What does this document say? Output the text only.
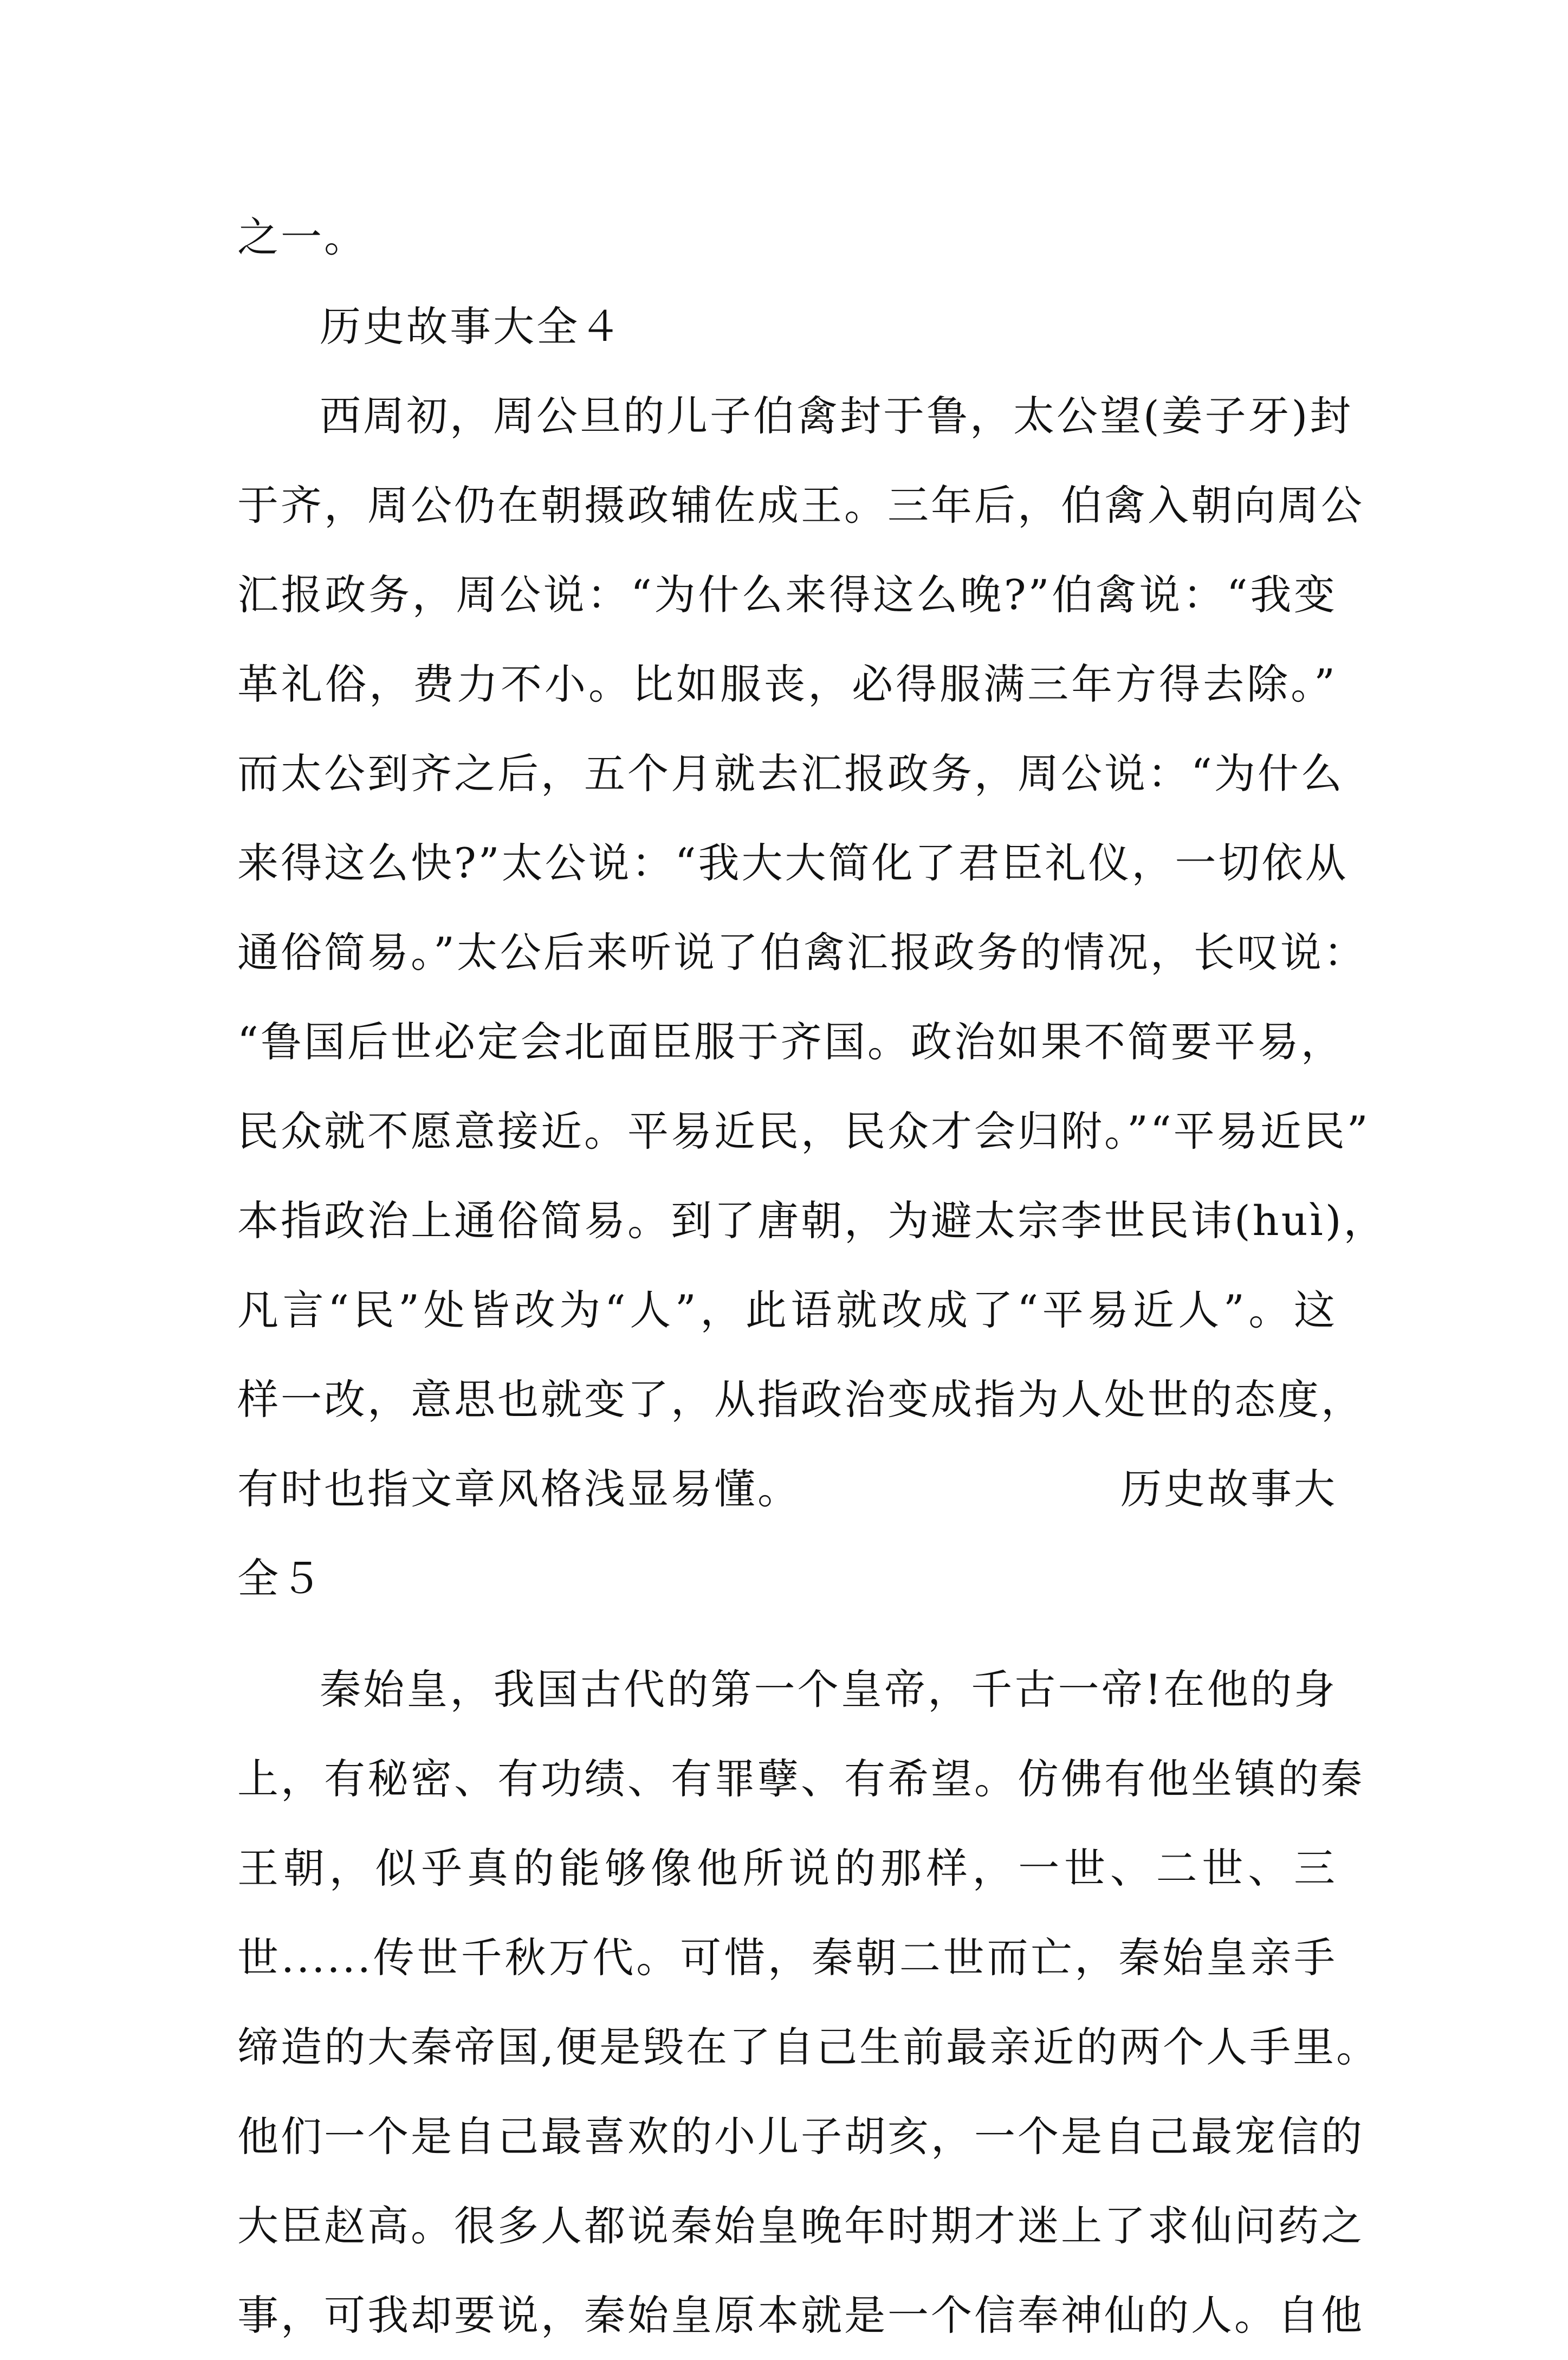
之一。
历史故事大全４
西周初，周公旦的儿子伯禽封于鲁，太公望(姜子牙)封
于齐，周公仍在朝摄政辅佐成王。三年后，伯禽入朝向周公
汇报政务，周公说：“为什么来得这么晚?”伯禽说：“我变
革礼俗，费力不小。比如服丧，必得服满三年方得去除。”
而太公到齐之后，五个月就去汇报政务，周公说：“为什么
来得这么快?”太公说：“我大大简化了君臣礼仪，一切依从
通俗简易。”太公后来听说了伯禽汇报政务的情况，长叹说：
“鲁国后世必定会北面臣服于齐国。政治如果不简要平易，
民众就不愿意接近。平易近民，民众才会归附。”“平易近民”
本指政治上通俗简易。到了唐朝，为避太宗李世民讳(huì)，
凡言“民”处皆改为“人”，此语就改成了“平易近人”。这
样一改，意思也就变了，从指政治变成指为人处世的态度，
有时也指文章风格浅显易懂。	历史故事大
全５
秦始皇，我国古代的第一个皇帝，千古一帝!在他的身
上，有秘密、有功绩、有罪孽、有希望。仿佛有他坐镇的秦
王朝，似乎真的能够像他所说的那样，一世、二世、三
世......传世千秋万代。可惜，秦朝二世而亡，秦始皇亲手
缔造的大秦帝国,便是毁在了自己生前最亲近的两个人手里。
他们一个是自己最喜欢的小儿子胡亥，一个是自己最宠信的
大臣赵高。很多人都说秦始皇晚年时期才迷上了求仙问药之
事，可我却要说，秦始皇原本就是一个信奉神仙的人。自他
